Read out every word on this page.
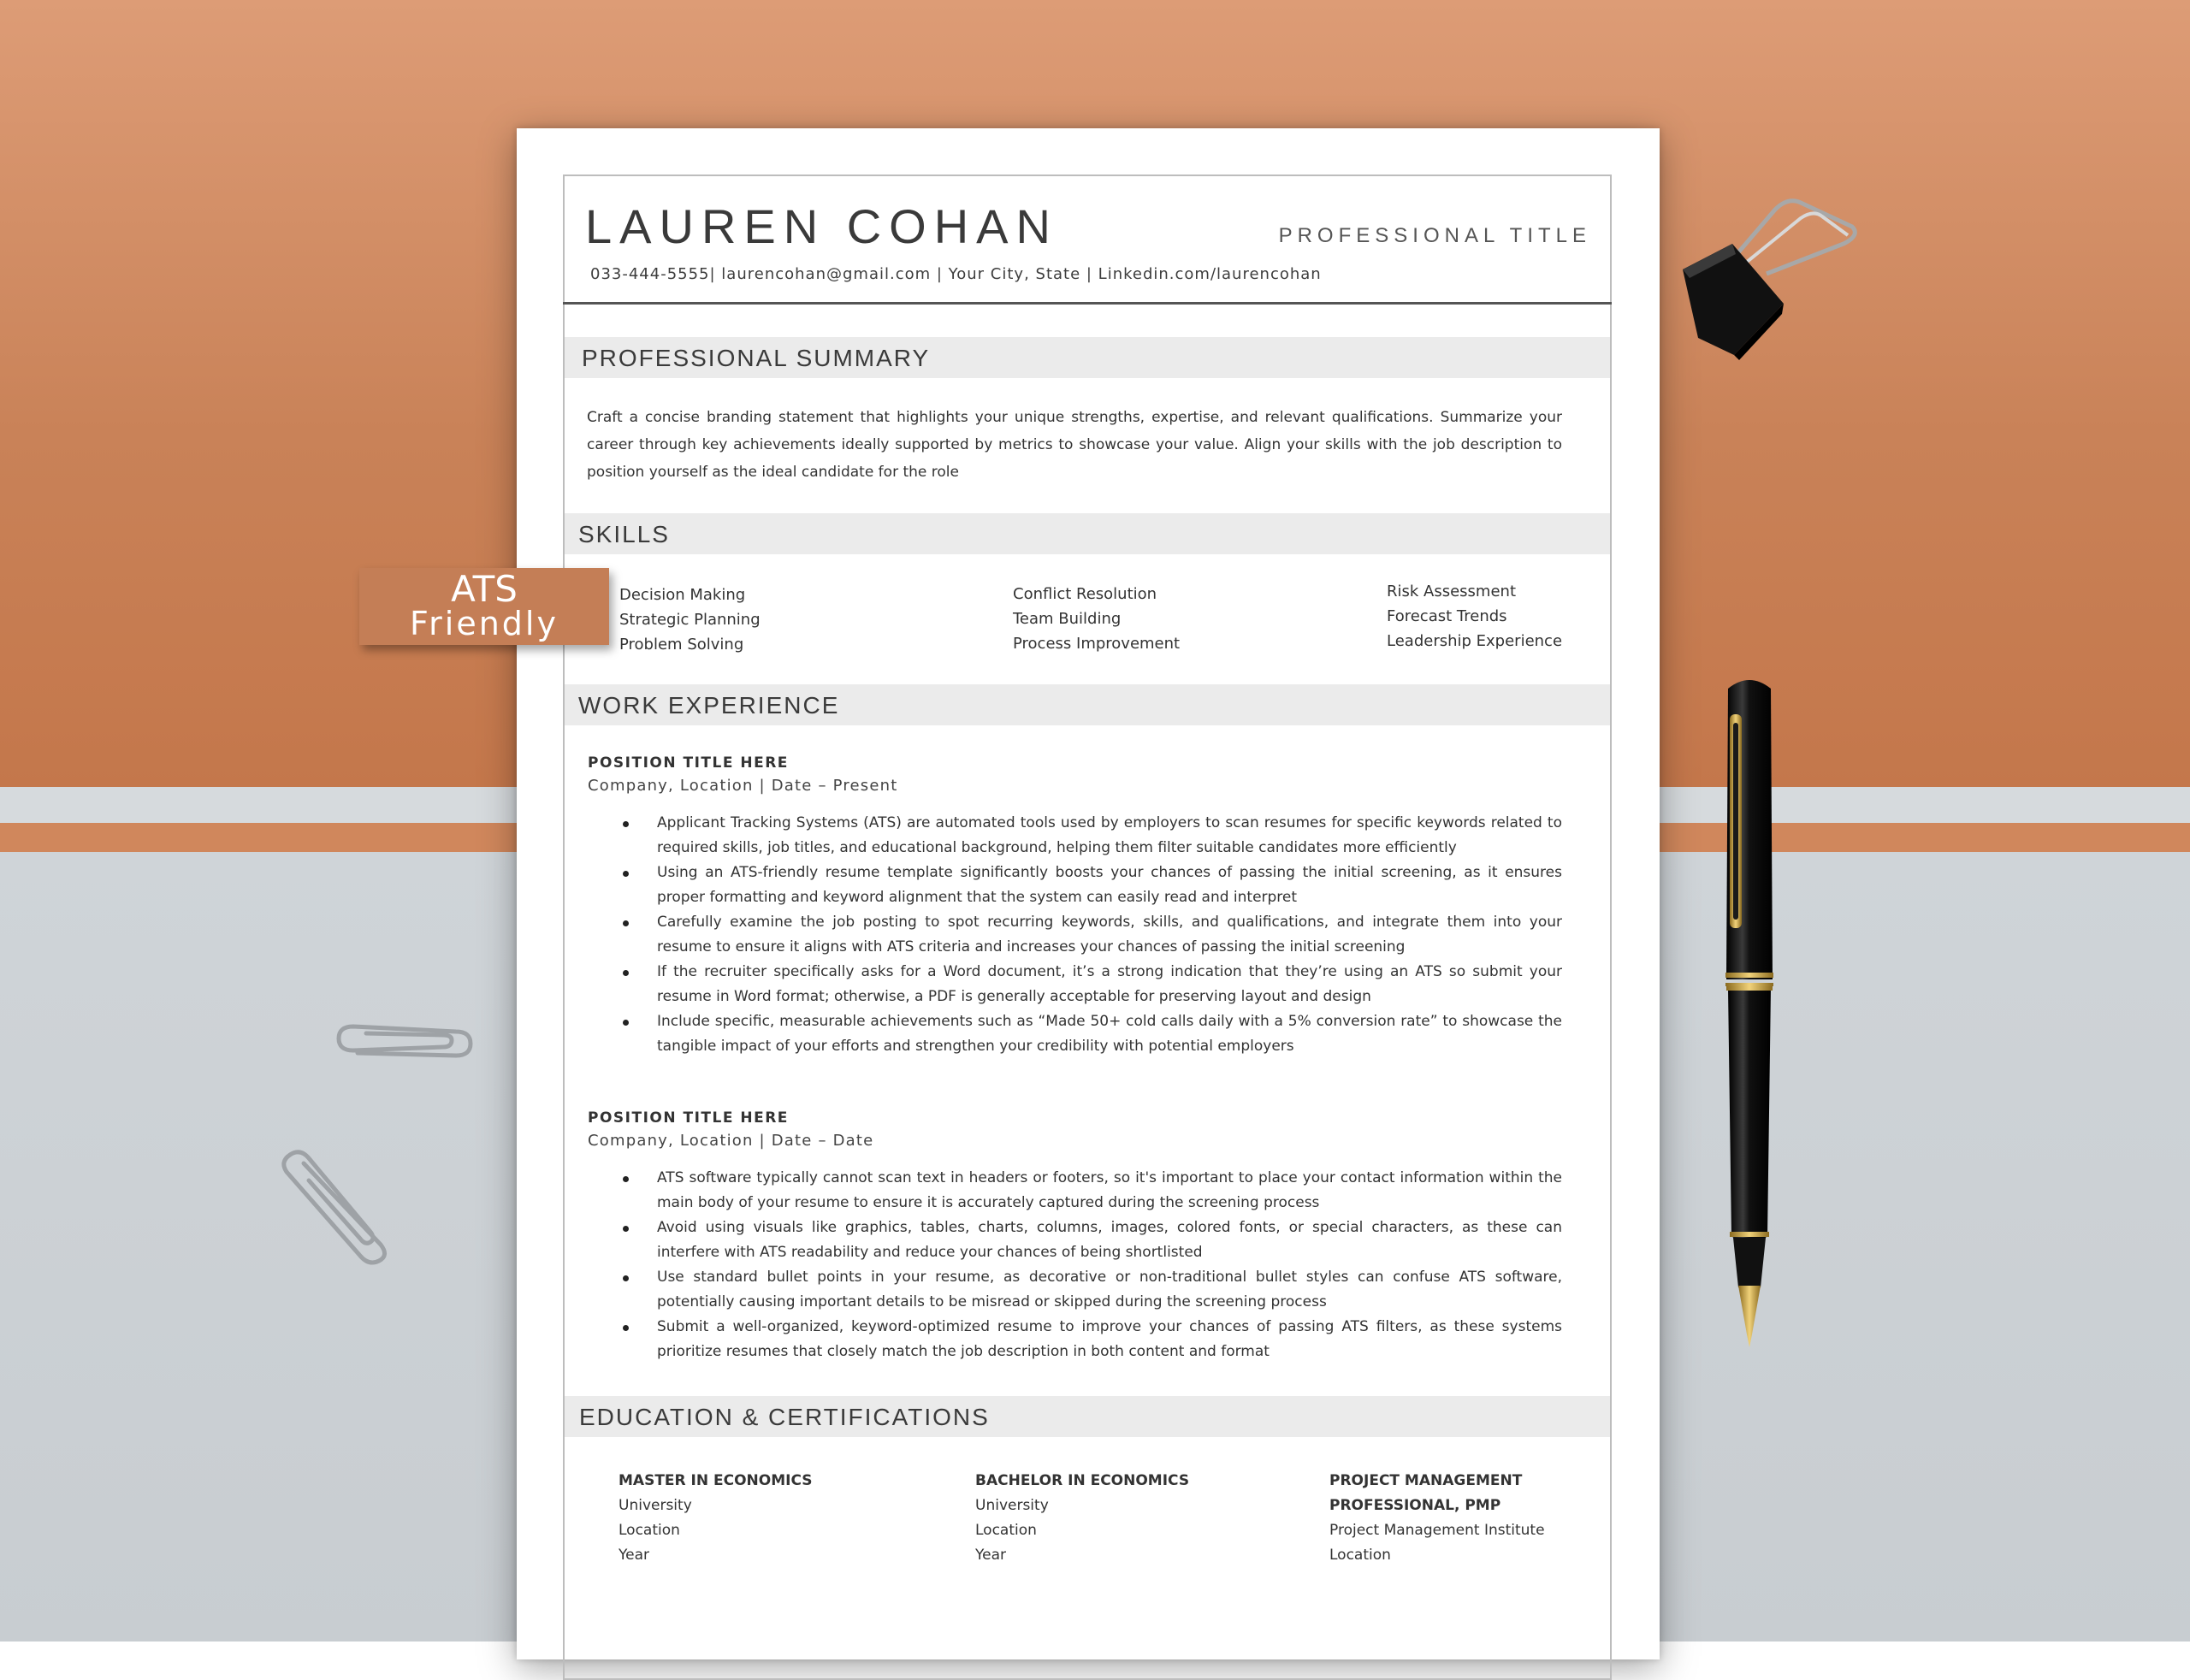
LAUREN COHAN	PROFESSIONAL TITLE
033-444-5555| laurencohan@gmail.com | Your City, State | Linkedin.com/laurencohan
PROFESSIONAL SUMMARY
Craft a concise branding statement that highlights your unique strengths, expertise, and relevant qualifications. Summarize your career through key achievements ideally supported by metrics to showcase your value. Align your skills with the job description to position yourself as the ideal candidate for the role
SKILLS
Decision Making
Strategic Planning
Problem Solving
Conflict Resolution
Team Building
Process Improvement
Risk Assessment
Forecast Trends
Leadership Experience
WORK EXPERIENCE
POSITION TITLE HERE
Company, Location | Date – Present
Applicant Tracking Systems (ATS) are automated tools used by employers to scan resumes for specific keywords related to required skills, job titles, and educational background, helping them filter suitable candidates more efficiently
Using an ATS-friendly resume template significantly boosts your chances of passing the initial screening, as it ensures proper formatting and keyword alignment that the system can easily read and interpret
Carefully examine the job posting to spot recurring keywords, skills, and qualifications, and integrate them into your resume to ensure it aligns with ATS criteria and increases your chances of passing the initial screening
If the recruiter specifically asks for a Word document, it’s a strong indication that they’re using an ATS so submit your resume in Word format; otherwise, a PDF is generally acceptable for preserving layout and design
Include specific, measurable achievements such as “Made 50+ cold calls daily with a 5% conversion rate” to showcase the tangible impact of your efforts and strengthen your credibility with potential employers
POSITION TITLE HERE
Company, Location | Date – Date
ATS software typically cannot scan text in headers or footers, so it's important to place your contact information within the main body of your resume to ensure it is accurately captured during the screening process
Avoid using visuals like graphics, tables, charts, columns, images, colored fonts, or special characters, as these can interfere with ATS readability and reduce your chances of being shortlisted
Use standard bullet points in your resume, as decorative or non-traditional bullet styles can confuse ATS software, potentially causing important details to be misread or skipped during the screening process
Submit a well-organized, keyword-optimized resume to improve your chances of passing ATS filters, as these systems prioritize resumes that closely match the job description in both content and format
EDUCATION & CERTIFICATIONS
MASTER IN ECONOMICS
University
Location
Year
BACHELOR IN ECONOMICS
University
Location
Year
PROJECT MANAGEMENT PROFESSIONAL, PMP
Project Management Institute
Location
ATS
Friendly
